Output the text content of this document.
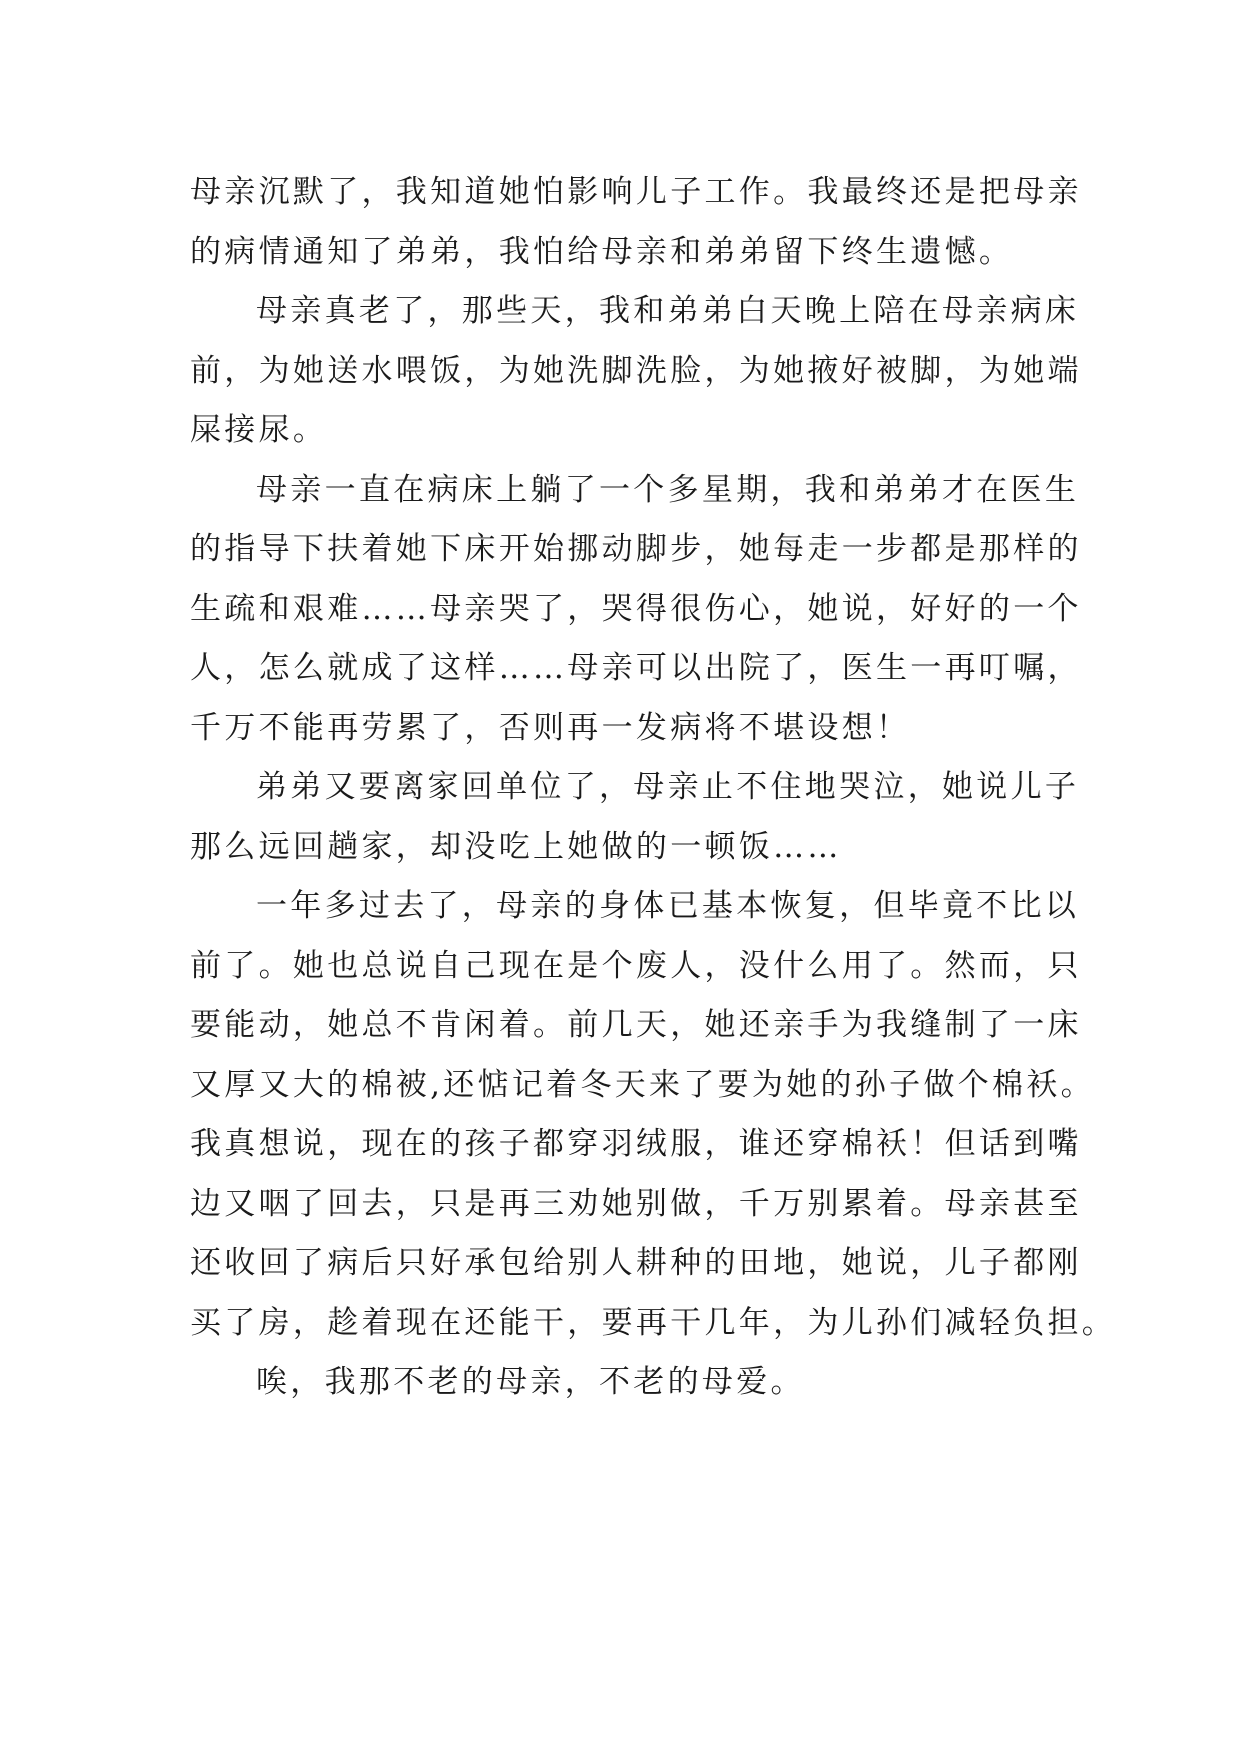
母亲沉默了，我知道她怕影响儿子工作。我最终还是把母亲
的病情通知了弟弟，我怕给母亲和弟弟留下终生遗憾。
母亲真老了，那些天，我和弟弟白天晚上陪在母亲病床
前，为她送水喂饭，为她洗脚洗脸，为她掖好被脚，为她端
屎接尿。
母亲一直在病床上躺了一个多星期，我和弟弟才在医生
的指导下扶着她下床开始挪动脚步，她每走一步都是那样的
生疏和艰难……母亲哭了，哭得很伤心，她说，好好的一个
人，怎么就成了这样……母亲可以出院了，医生一再叮嘱，
千万不能再劳累了，否则再一发病将不堪设想！
弟弟又要离家回单位了，母亲止不住地哭泣，她说儿子
那么远回趟家，却没吃上她做的一顿饭……
一年多过去了，母亲的身体已基本恢复，但毕竟不比以
前了。她也总说自己现在是个废人，没什么用了。然而，只
要能动，她总不肯闲着。前几天，她还亲手为我缝制了一床
又厚又大的棉被,还惦记着冬天来了要为她的孙子做个棉袄。
我真想说，现在的孩子都穿羽绒服，谁还穿棉袄！但话到嘴
边又咽了回去，只是再三劝她别做，千万别累着。母亲甚至
还收回了病后只好承包给别人耕种的田地，她说，儿子都刚
买了房，趁着现在还能干，要再干几年，为儿孙们减轻负担。
唉，我那不老的母亲，不老的母爱。
